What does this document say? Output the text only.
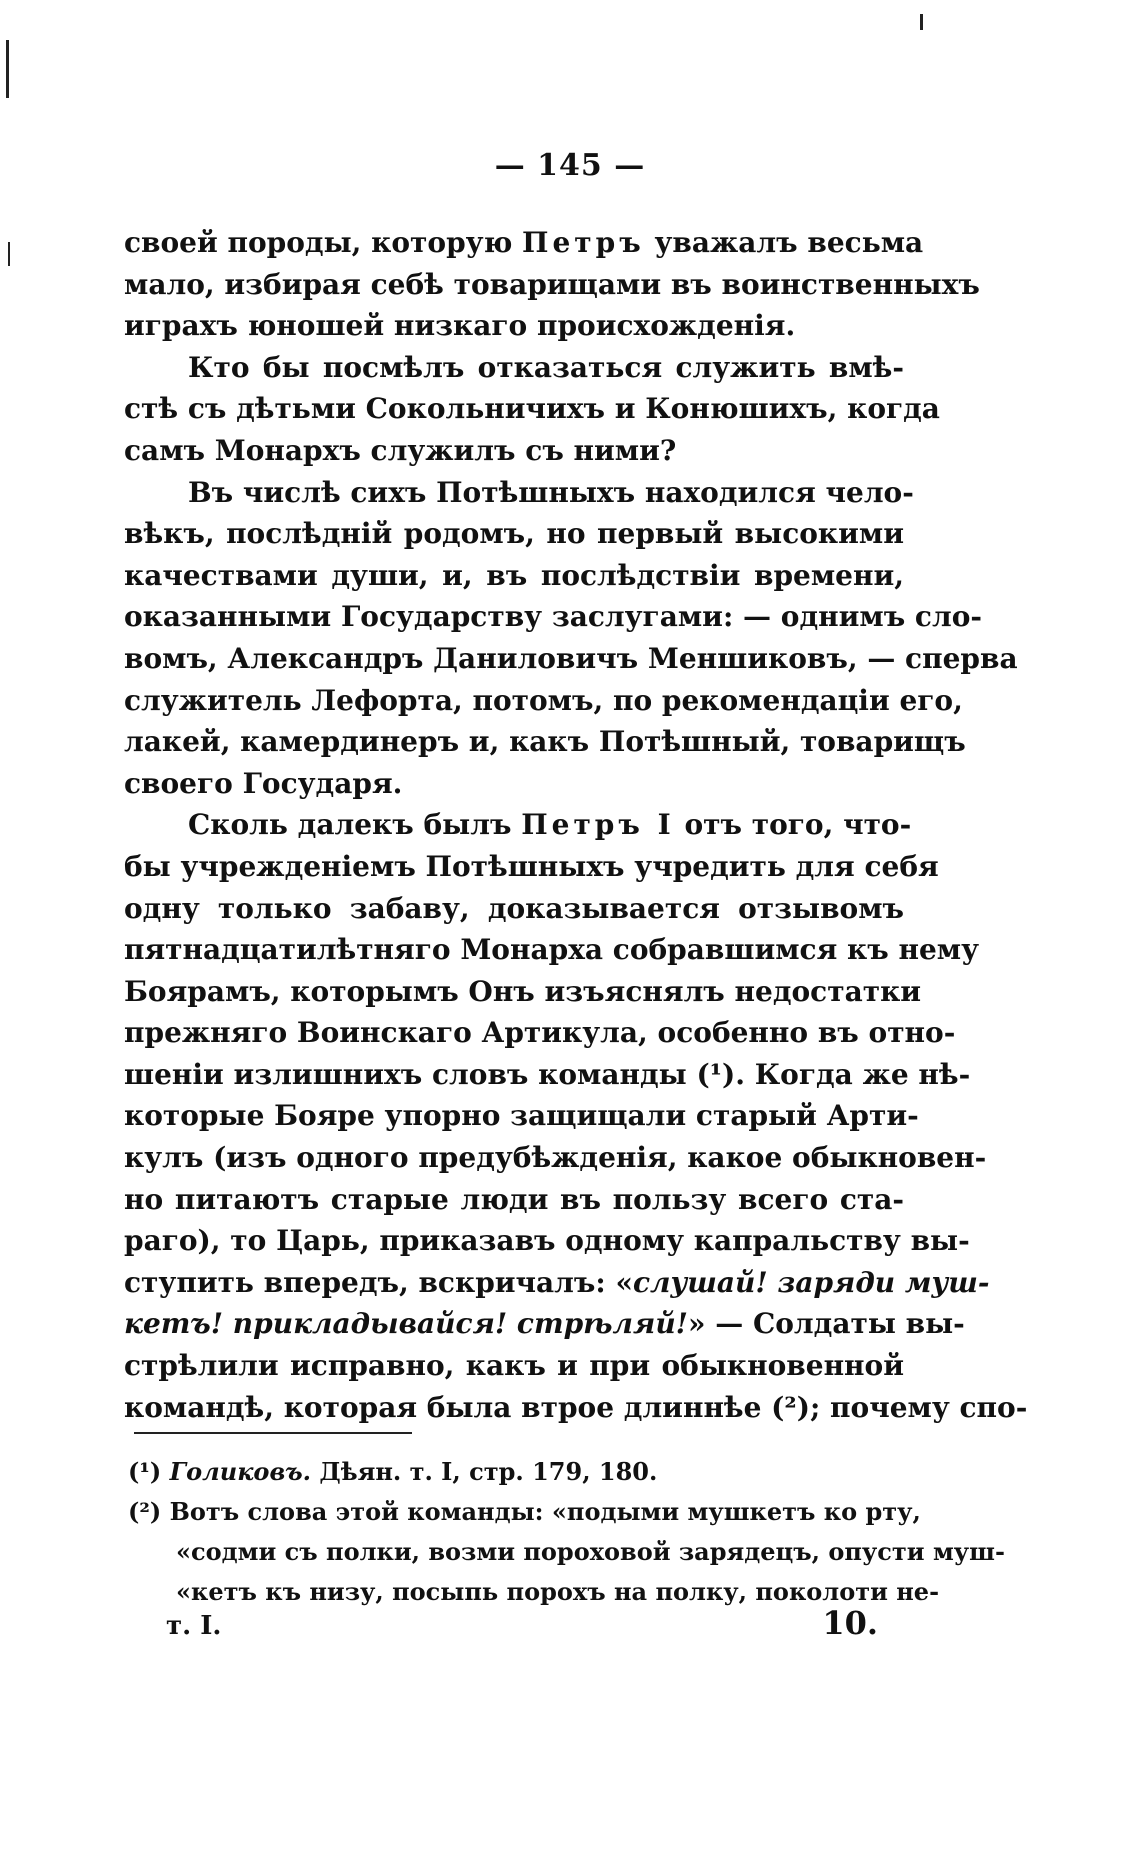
— 145 —
своей породы, которую Петръ уважалъ весьма
мало, избирая себѣ товарищами въ воинственныхъ
играхъ юношей низкаго происхожденія.
Кто бы посмѣлъ отказаться служить вмѣ-
стѣ съ дѣтьми Сокольничихъ и Конюшихъ, когда
самъ Монархъ служилъ съ ними?
Въ числѣ сихъ Потѣшныхъ находился чело-
вѣкъ, послѣдній родомъ, но первый высокими
качествами души, и, въ послѣдствіи времени,
оказанными Государству заслугами: — однимъ сло-
вомъ, Александръ Даниловичъ Меншиковъ, — сперва
служитель Лефорта, потомъ, по рекомендаціи его,
лакей, камердинеръ и, какъ Потѣшный, товарищъ
своего Государя.
Сколь далекъ былъ Петръ I отъ того, что-
бы учрежденіемъ Потѣшныхъ учредить для себя
одну только забаву, доказывается отзывомъ
пятнадцатилѣтняго Монарха собравшимся къ нему
Боярамъ, которымъ Онъ изъяснялъ недостатки
прежняго Воинскаго Артикула, особенно въ отно-
шеніи излишнихъ словъ команды (¹). Когда же нѣ-
которые Бояре упорно защищали старый Арти-
кулъ (изъ одного предубѣжденія, какое обыкновен-
но питаютъ старые люди въ пользу всего ста-
раго), то Царь, приказавъ одному капральству вы-
ступить впередъ, вскричалъ: «слушай! заряди муш-
кетъ! прикладывайся! стрѣляй!» — Солдаты вы-
стрѣлили исправно, какъ и при обыкновенной
командѣ, которая была втрое длиннѣе (²); почему спо-
(¹) Голиковъ. Дѣян. т. I, стр. 179, 180.
(²) Вотъ слова этой команды: «подыми мушкетъ ко рту,
«содми съ полки, возми пороховой зарядецъ, опусти муш-
«кетъ къ низу, посыпь порохъ на полку, поколоти не-
т. I.	10.
